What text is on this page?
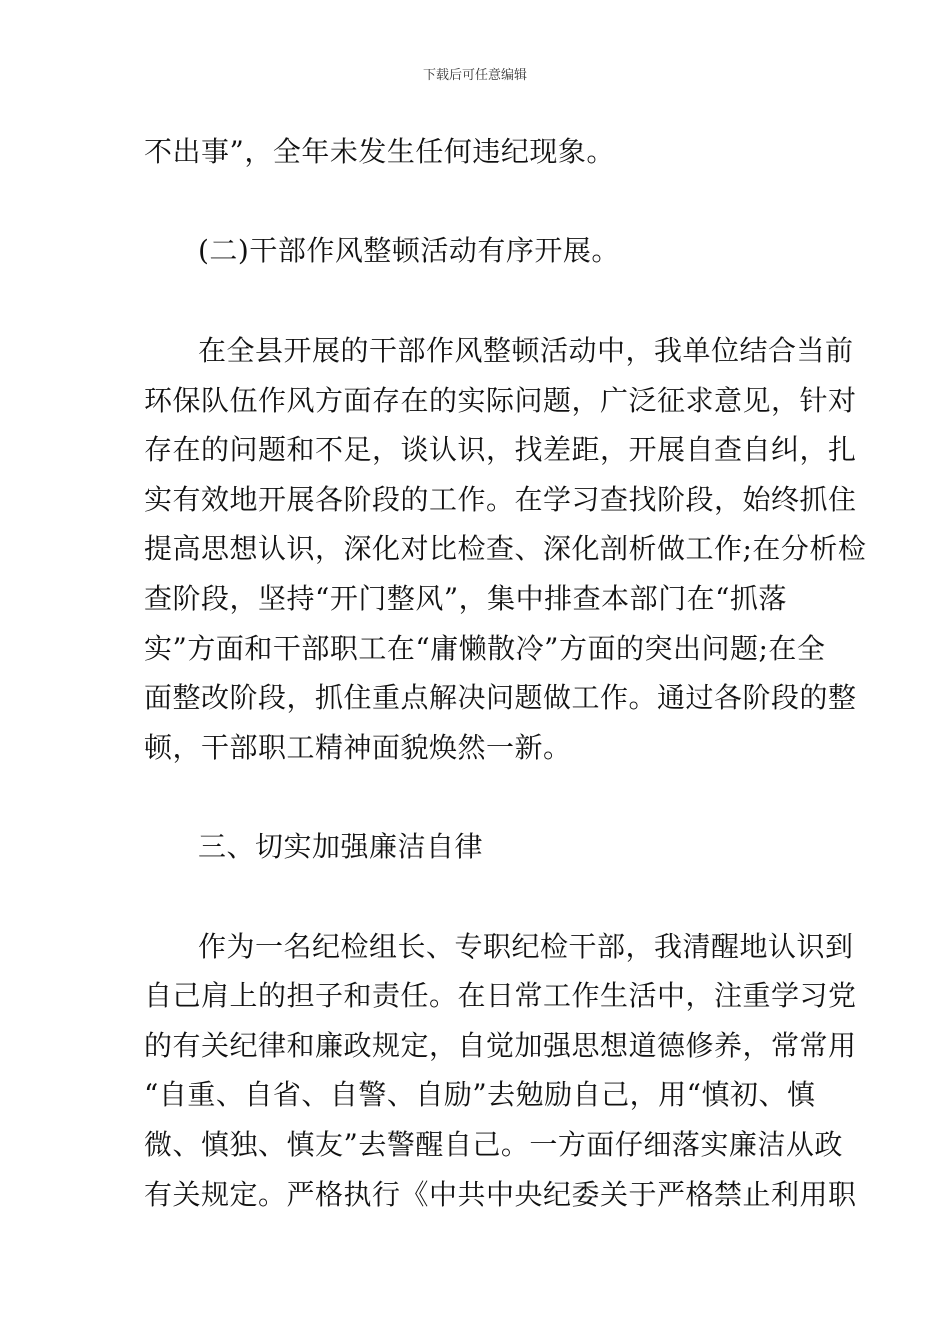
下载后可任意编辑
不出事”，全年未发生任何违纪现象。
(二)干部作风整顿活动有序开展。
在全县开展的干部作风整顿活动中，我单位结合当前
环保队伍作风方面存在的实际问题，广泛征求意见，针对
存在的问题和不足，谈认识，找差距，开展自查自纠，扎
实有效地开展各阶段的工作。在学习查找阶段，始终抓住
提高思想认识，深化对比检查、深化剖析做工作;在分析检
查阶段，坚持“开门整风”，集中排查本部门在“抓落
实”方面和干部职工在“庸懒散冷”方面的突出问题;在全
面整改阶段，抓住重点解决问题做工作。通过各阶段的整
顿，干部职工精神面貌焕然一新。
三、切实加强廉洁自律
作为一名纪检组长、专职纪检干部，我清醒地认识到
自己肩上的担子和责任。在日常工作生活中，注重学习党
的有关纪律和廉政规定，自觉加强思想道德修养，常常用
“自重、自省、自警、自励”去勉励自己，用“慎初、慎
微、慎独、慎友”去警醒自己。一方面仔细落实廉洁从政
有关规定。严格执行《中共中央纪委关于严格禁止利用职
